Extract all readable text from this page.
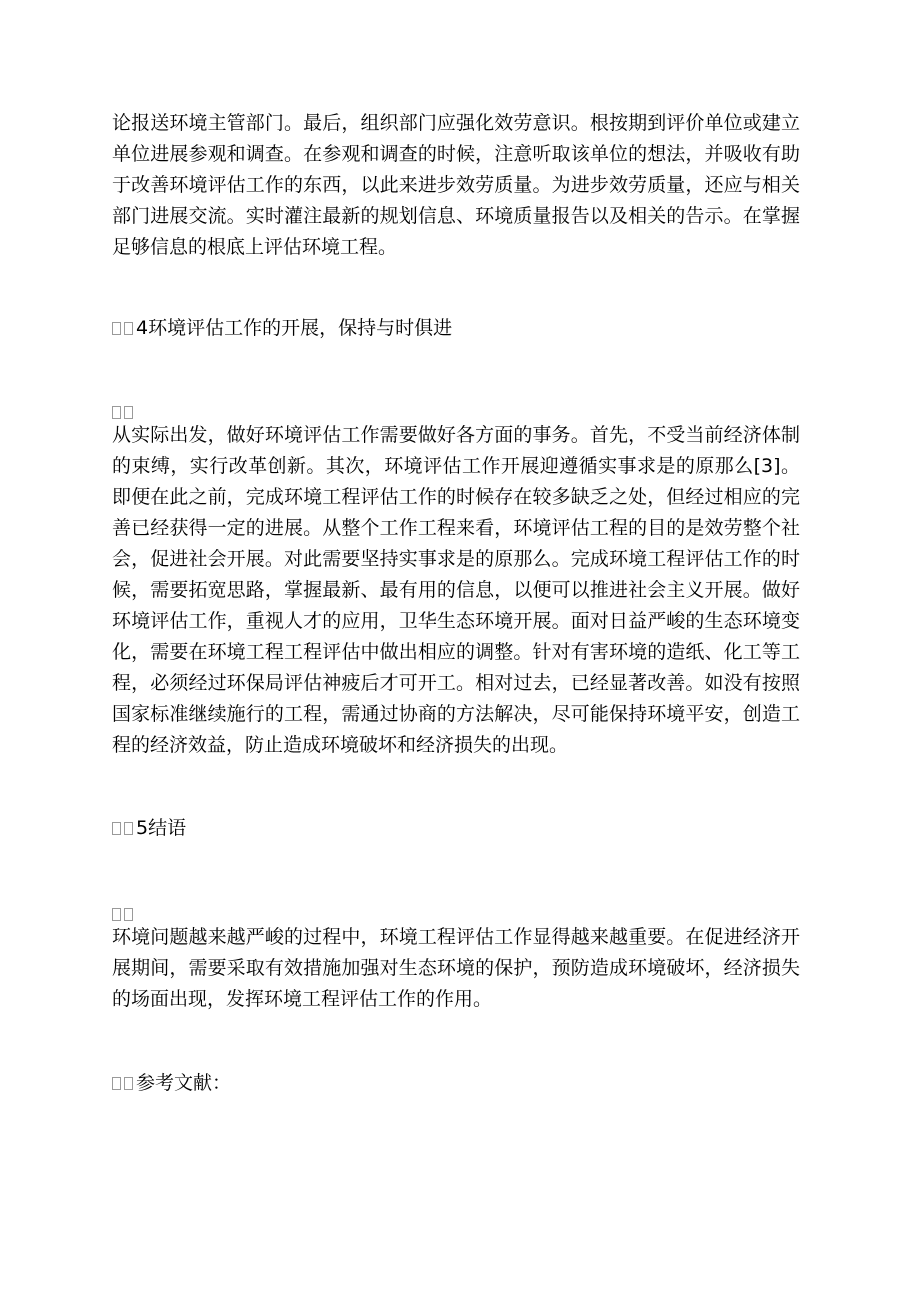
论报送环境主管部门。最后，组织部门应强化效劳意识。根按期到评价单位或建立单位进展参观和调查。在参观和调查的时候，注意听取该单位的想法，并吸收有助于改善环境评估工作的东西，以此来进步效劳质量。为进步效劳质量，还应与相关部门进展交流。实时灌注最新的规划信息、环境质量报告以及相关的告示。在掌握足够信息的根底上评估环境工程。

4环境评估工作的开展，保持与时俱进

从实际出发，做好环境评估工作需要做好各方面的事务。首先，不受当前经济体制的束缚，实行改革创新。其次，环境评估工作开展迎遵循实事求是的原那么[3]。即便在此之前，完成环境工程评估工作的时候存在较多缺乏之处，但经过相应的完善已经获得一定的进展。从整个工作工程来看，环境评估工程的目的是效劳整个社会，促进社会开展。对此需要坚持实事求是的原那么。完成环境工程评估工作的时候，需要拓宽思路，掌握最新、最有用的信息，以便可以推进社会主义开展。做好环境评估工作，重视人才的应用，卫华生态环境开展。面对日益严峻的生态环境变化，需要在环境工程工程评估中做出相应的调整。针对有害环境的造纸、化工等工程，必须经过环保局评估神疲后才可开工。相对过去，已经显著改善。如没有按照国家标准继续施行的工程，需通过协商的方法解决，尽可能保持环境平安，创造工程的经济效益，防止造成环境破坏和经济损失的出现。

5结语

环境问题越来越严峻的过程中，环境工程评估工作显得越来越重要。在促进经济开展期间，需要采取有效措施加强对生态环境的保护，预防造成环境破坏，经济损失的场面出现，发挥环境工程评估工作的作用。

参考文献：
